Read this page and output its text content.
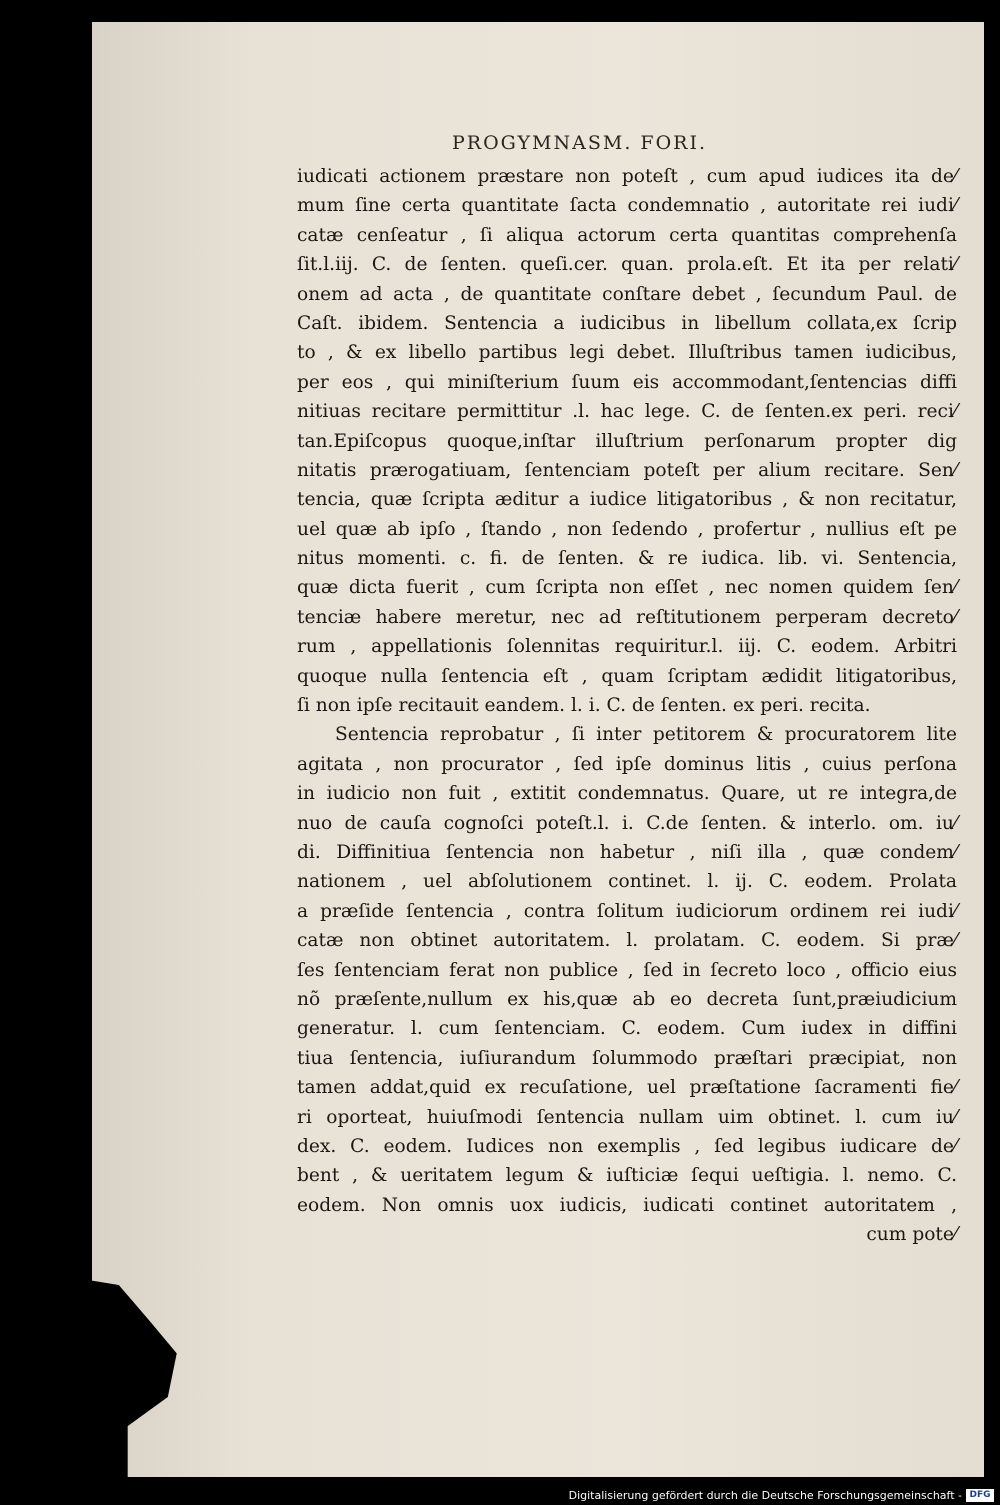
PROGYMNASM. FORI.
iudicati actionem præstare non poteſt , cum apud iudices ita de⁄
mum ſine certa quantitate ſacta condemnatio , autoritate rei iudi⁄
catæ cenſeatur , ſi aliqua actorum certa quantitas comprehenſa
ſit.l.iij. C. de ſenten. queſi.cer. quan. prola.eſt. Et ita per relati⁄
onem ad acta , de quantitate conſtare debet , ſecundum Paul. de
Caſt. ibidem. Sentencia a iudicibus in libellum collata,ex ſcrip
to , & ex libello partibus legi debet. Illuſtribus tamen iudicibus,
per eos , qui miniſterium ſuum eis accommodant,ſentencias diffi
nitiuas recitare permittitur .l. hac lege. C. de ſenten.ex peri. reci⁄
tan.Epiſcopus quoque,inſtar illuſtrium perſonarum propter dig
nitatis prærogatiuam, ſentenciam poteſt per alium recitare. Sen⁄
tencia, quæ ſcripta æditur a iudice litigatoribus , & non recitatur,
uel quæ ab ipſo , ſtando , non ſedendo , profertur , nullius eſt pe
nitus momenti. c. fi. de ſenten. & re iudica. lib. vi. Sentencia,
quæ dicta fuerit , cum ſcripta non eſſet , nec nomen quidem ſen⁄
tenciæ habere meretur, nec ad reſtitutionem perperam decreto⁄
rum , appellationis ſolennitas requiritur.l. iij. C. eodem. Arbitri
quoque nulla ſentencia eſt , quam ſcriptam ædidit litigatoribus,
ſi non ipſe recitauit eandem. l. i. C. de ſenten. ex peri. recita.
Sentencia reprobatur , ſi inter petitorem & procuratorem lite
agitata , non procurator , ſed ipſe dominus litis , cuius perſona
in iudicio non fuit , extitit condemnatus. Quare, ut re integra,de
nuo de cauſa cognoſci poteſt.l. i. C.de ſenten. & interlo. om. iu⁄
di. Diffinitiua ſentencia non habetur , niſi illa , quæ condem⁄
nationem , uel abſolutionem continet. l. ij. C. eodem. Prolata
a præſide ſentencia , contra ſolitum iudiciorum ordinem rei iudi⁄
catæ non obtinet autoritatem. l. prolatam. C. eodem. Si præ⁄
ſes ſentenciam ferat non publice , ſed in ſecreto loco , officio eius
nõ præſente,nullum ex his,quæ ab eo decreta ſunt,præiudicium
generatur. l. cum ſentenciam. C. eodem. Cum iudex in diffini
tiua ſentencia, iuſiurandum ſolummodo præſtari præcipiat, non
tamen addat,quid ex recuſatione, uel præſtatione ſacramenti fie⁄
ri oporteat, huiuſmodi ſentencia nullam uim obtinet. l. cum iu⁄
dex. C. eodem. Iudices non exemplis , ſed legibus iudicare de⁄
bent , & ueritatem legum & iuſticiæ ſequi ueſtigia. l. nemo. C.
eodem. Non omnis uox iudicis, iudicati continet autoritatem ,
cum pote⁄
Digitalisierung gefördert durch die Deutsche Forschungsgemeinschaft - DFG
